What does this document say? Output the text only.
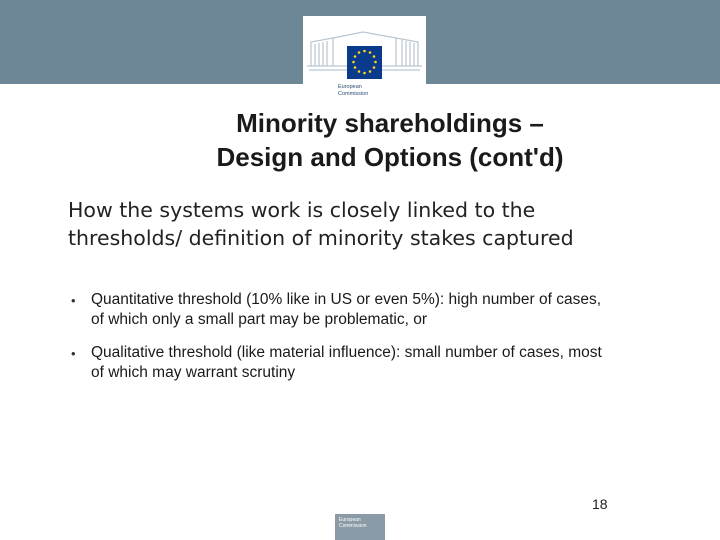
European
Commission
Minority shareholdings –
Design and Options (cont'd)
How the systems work is closely linked to the
thresholds/ definition of minority stakes captured
• Quantitative threshold (10% like in US or even 5%): high number of cases,
of which only a small part may be problematic, or
• Qualitative threshold (like material influence): small number of cases, most
of which may warrant scrutiny
18
European Commission
